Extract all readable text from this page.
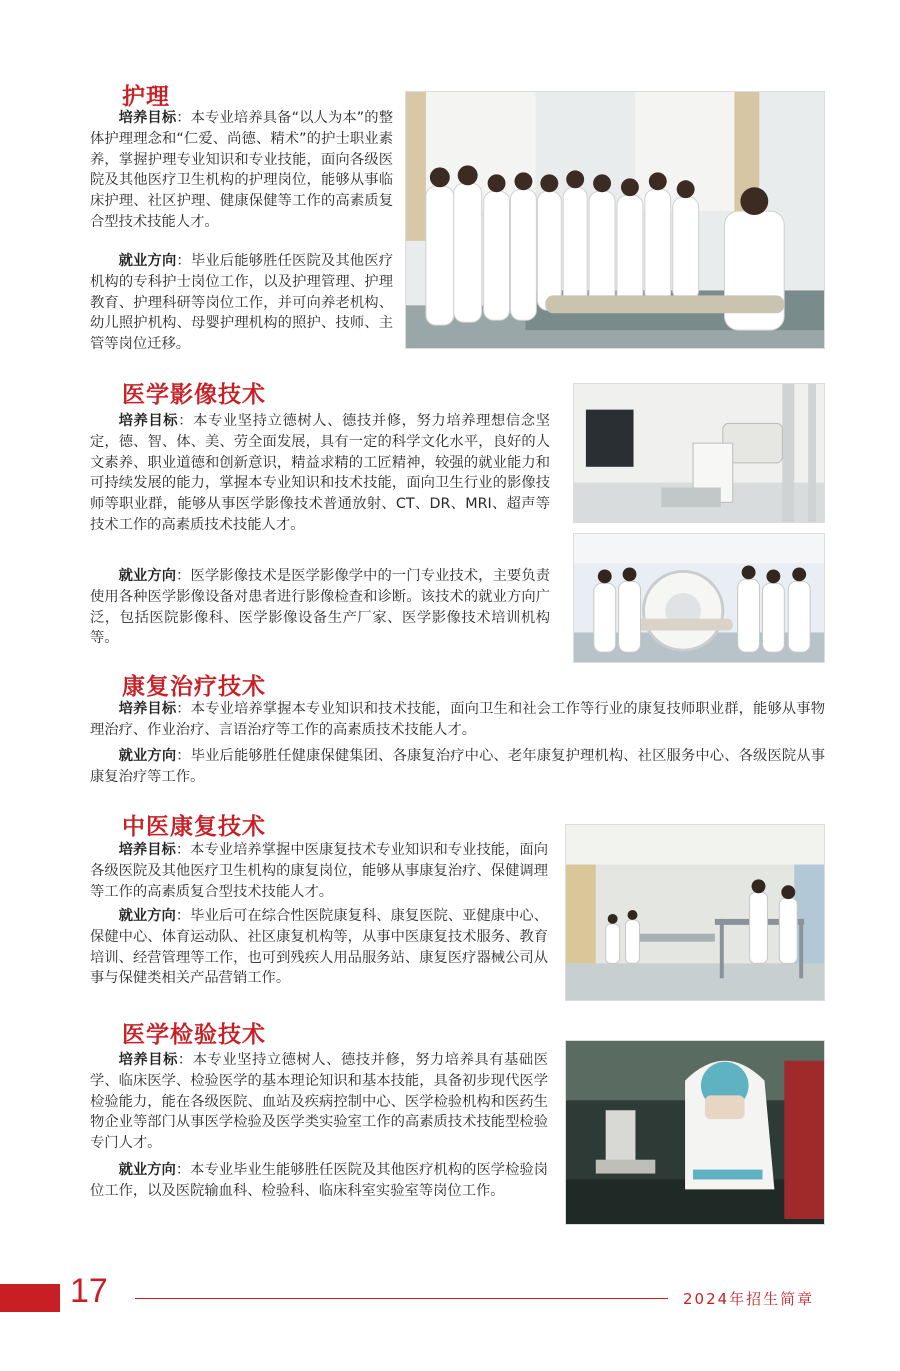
护理

培养目标：本专业培养具备“以人为本”的整体护理理念和“仁爱、尚德、精术”的护士职业素养，掌握护理专业知识和专业技能，面向各级医院及其他医疗卫生机构的护理岗位，能够从事临床护理、社区护理、健康保健等工作的高素质复合型技术技能人才。

就业方向：毕业后能够胜任医院及其他医疗机构的专科护士岗位工作，以及护理管理、护理教育、护理科研等岗位工作，并可向养老机构、幼儿照护机构、母婴护理机构的照护、技师、主管等岗位迁移。

医学影像技术

培养目标：本专业坚持立德树人、德技并修，努力培养理想信念坚定，德、智、体、美、劳全面发展，具有一定的科学文化水平，良好的人文素养、职业道德和创新意识，精益求精的工匠精神，较强的就业能力和可持续发展的能力，掌握本专业知识和技术技能，面向卫生行业的影像技师等职业群，能够从事医学影像技术普通放射、CT、DR、MRI、超声等技术工作的高素质技术技能人才。

就业方向：医学影像技术是医学影像学中的一门专业技术，主要负责使用各种医学影像设备对患者进行影像检查和诊断。该技术的就业方向广泛，包括医院影像科、医学影像设备生产厂家、医学影像技术培训机构等。

康复治疗技术

培养目标：本专业培养掌握本专业知识和技术技能，面向卫生和社会工作等行业的康复技师职业群，能够从事物理治疗、作业治疗、言语治疗等工作的高素质技术技能人才。

就业方向：毕业后能够胜任健康保健集团、各康复治疗中心、老年康复护理机构、社区服务中心、各级医院从事康复治疗等工作。

中医康复技术

培养目标：本专业培养掌握中医康复技术专业知识和专业技能，面向各级医院及其他医疗卫生机构的康复岗位，能够从事康复治疗、保健调理等工作的高素质复合型技术技能人才。

就业方向：毕业后可在综合性医院康复科、康复医院、亚健康中心、保健中心、体育运动队、社区康复机构等，从事中医康复技术服务、教育培训、经营管理等工作，也可到残疾人用品服务站、康复医疗器械公司从事与保健类相关产品营销工作。

医学检验技术

培养目标：本专业坚持立德树人、德技并修，努力培养具有基础医学、临床医学、检验医学的基本理论知识和基本技能，具备初步现代医学检验能力，能在各级医院、血站及疾病控制中心、医学检验机构和医药生物企业等部门从事医学检验及医学类实验室工作的高素质技术技能型检验专门人才。

就业方向：本专业毕业生能够胜任医院及其他医疗机构的医学检验岗位工作，以及医院输血科、检验科、临床科室实验室等岗位工作。

17	2024年招生简章
